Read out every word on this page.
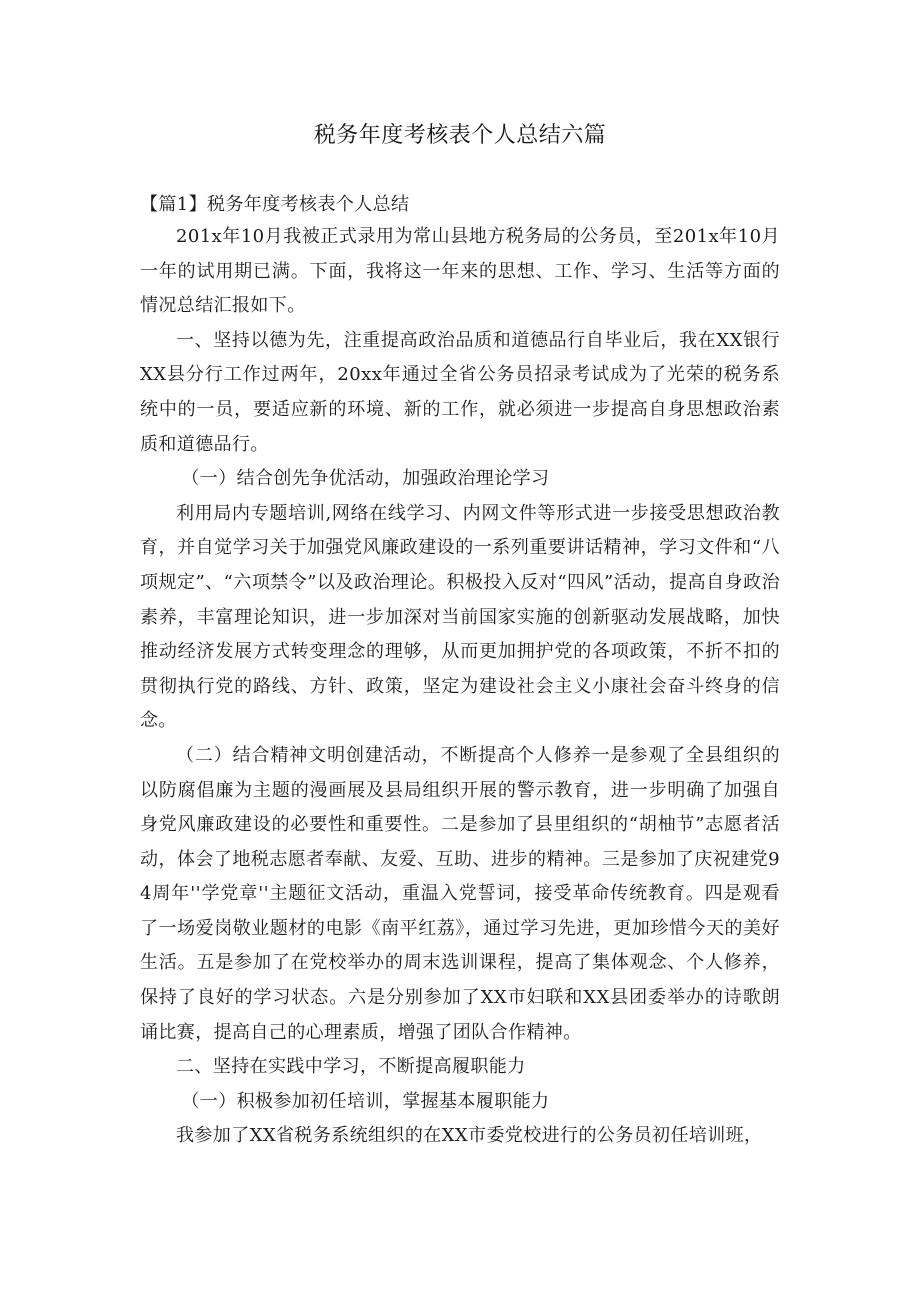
税务年度考核表个人总结六篇

【篇1】税务年度考核表个人总结

201x年10月我被正式录用为常山县地方税务局的公务员，至201x年10月一年的试用期已满。下面，我将这一年来的思想、工作、学习、生活等方面的情况总结汇报如下。

一、坚持以德为先，注重提高政治品质和道德品行自毕业后，我在XX银行XX县分行工作过两年，20xx年通过全省公务员招录考试成为了光荣的税务系统中的一员，要适应新的环境、新的工作，就必须进一步提高自身思想政治素质和道德品行。

（一）结合创先争优活动，加强政治理论学习

利用局内专题培训,网络在线学习、内网文件等形式进一步接受思想政治教育，并自觉学习关于加强党风廉政建设的一系列重要讲话精神，学习文件和“八项规定”、“六项禁令”以及政治理论。积极投入反对“四风”活动，提高自身政治素养，丰富理论知识，进一步加深对当前国家实施的创新驱动发展战略，加快推动经济发展方式转变理念的理够，从而更加拥护党的各项政策，不折不扣的贯彻执行党的路线、方针、政策，坚定为建设社会主义小康社会奋斗终身的信念。

（二）结合精神文明创建活动，不断提高个人修养一是参观了全县组织的以防腐倡廉为主题的漫画展及县局组织开展的警示教育，进一步明确了加强自身党风廉政建设的必要性和重要性。二是参加了县里组织的“胡柚节”志愿者活动，体会了地税志愿者奉献、友爱、互助、进步的精神。三是参加了庆祝建党94周年''学党章''主题征文活动，重温入党誓词，接受革命传统教育。四是观看了一场爱岗敬业题材的电影《南平红荔》，通过学习先进，更加珍惜今天的美好生活。五是参加了在党校举办的周末选训课程，提高了集体观念、个人修养，保持了良好的学习状态。六是分别参加了XX市妇联和XX县团委举办的诗歌朗诵比赛，提高自己的心理素质，增强了团队合作精神。

二、坚持在实践中学习，不断提高履职能力

（一）积极参加初任培训，掌握基本履职能力

我参加了XX省税务系统组织的在XX市委党校进行的公务员初任培训班，
